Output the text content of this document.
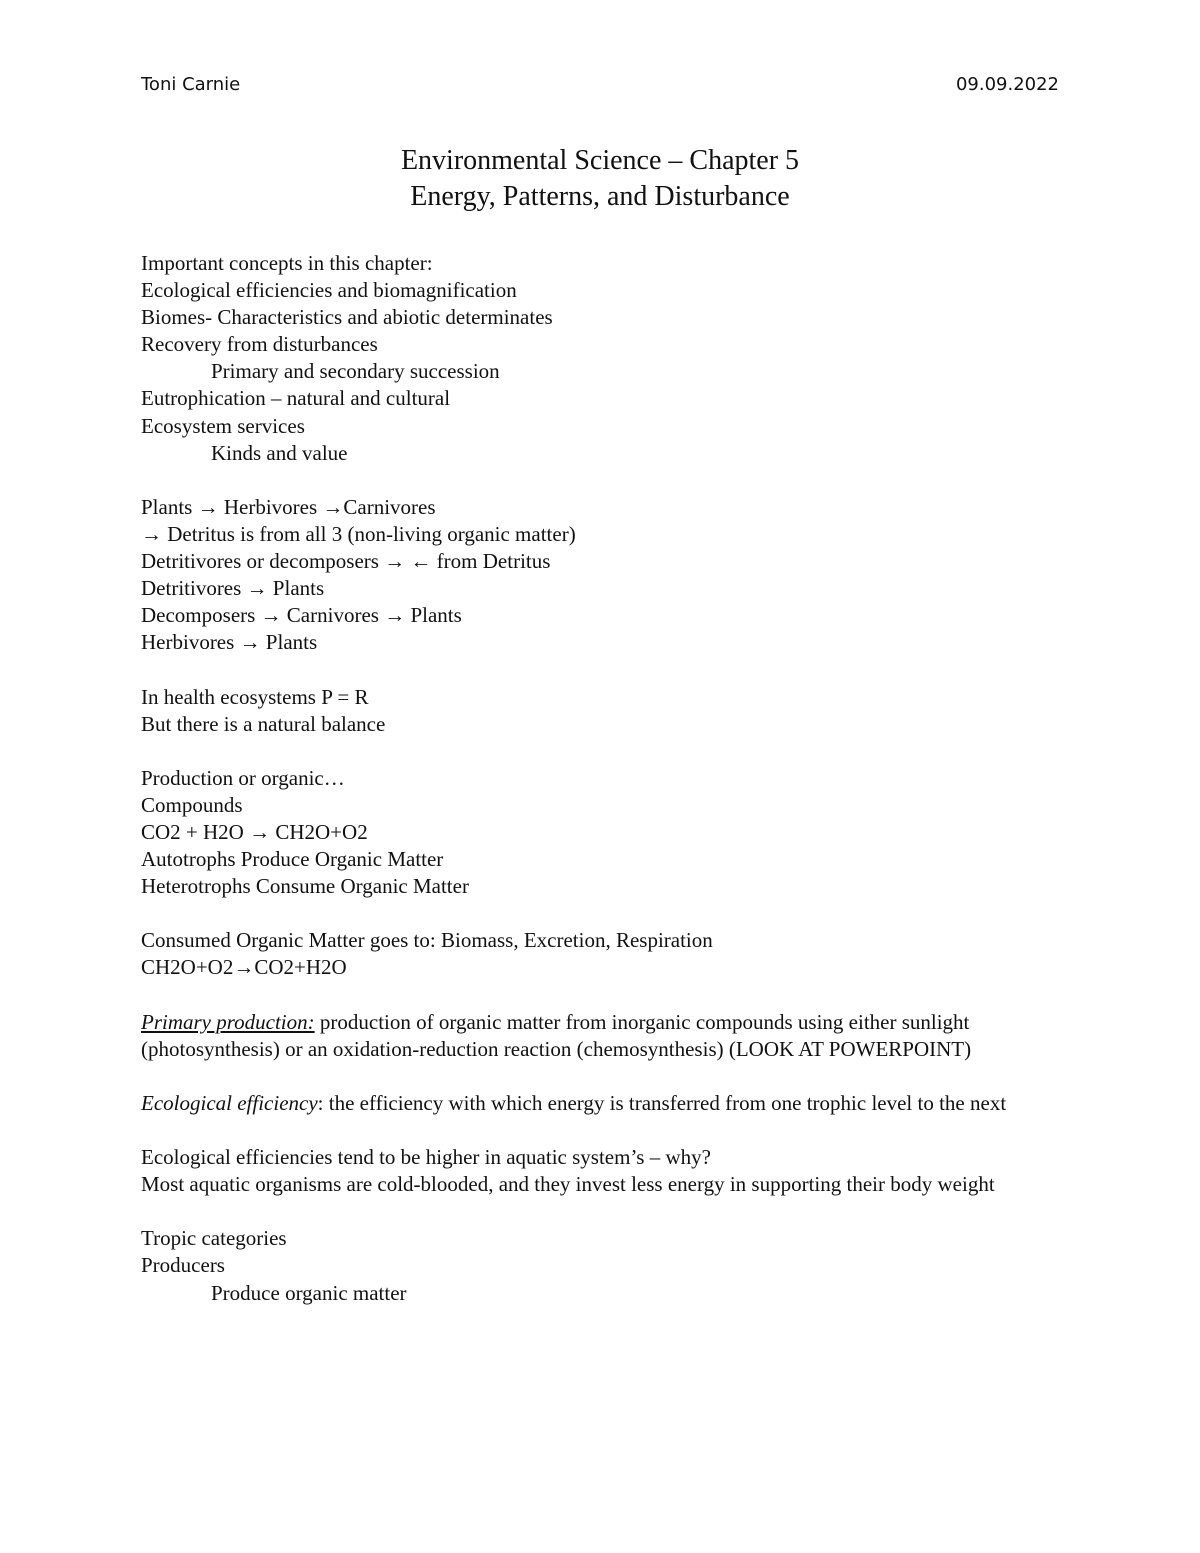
Toni Carnie	09.09.2022
Environmental Science – Chapter 5
Energy, Patterns, and Disturbance
Important concepts in this chapter:
Ecological efficiencies and biomagnification
Biomes- Characteristics and abiotic determinates
Recovery from disturbances
Primary and secondary succession
Eutrophication – natural and cultural
Ecosystem services
Kinds and value
Plants → Herbivores →Carnivores
→ Detritus is from all 3 (non-living organic matter)
Detritivores or decomposers → ← from Detritus
Detritivores → Plants
Decomposers → Carnivores → Plants
Herbivores → Plants
In health ecosystems P = R
But there is a natural balance
Production or organic…
Compounds
CO2 + H2O → CH2O+O2
Autotrophs Produce Organic Matter
Heterotrophs Consume Organic Matter
Consumed Organic Matter goes to: Biomass, Excretion, Respiration
CH2O+O2→CO2+H2O
Primary production: production of organic matter from inorganic compounds using either sunlight (photosynthesis) or an oxidation-reduction reaction (chemosynthesis) (LOOK AT POWERPOINT)
Ecological efficiency: the efficiency with which energy is transferred from one trophic level to the next
Ecological efficiencies tend to be higher in aquatic system’s – why?
Most aquatic organisms are cold-blooded, and they invest less energy in supporting their body weight
Tropic categories
Producers
Produce organic matter
